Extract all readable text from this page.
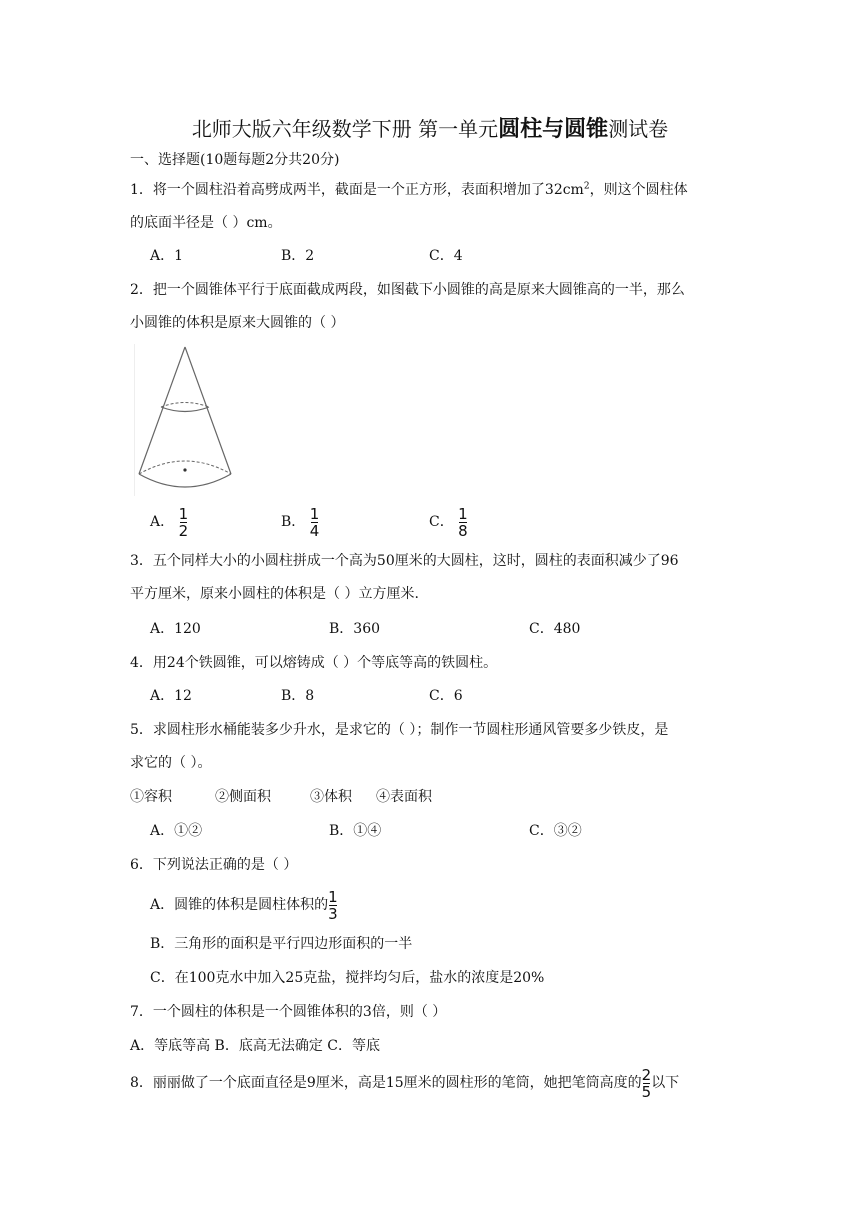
北师大版六年级数学下册 第一单元圆柱与圆锥测试卷
一、选择题(10题每题2分共20分)
1．将一个圆柱沿着高劈成两半，截面是一个正方形，表面积增加了$32cm^2$，则这个圆柱体
的底面半径是（ ）cm。
A．1	B．2	C．4
2．把一个圆锥体平行于底面截成两段，如图截下小圆锥的高是原来大圆锥高的一半，那么
小圆锥的体积是原来大圆锥的（ ）
A． $\frac{1}{2}$	B． $\frac{1}{4}$	C． $\frac{1}{8}$
3．五个同样大小的小圆柱拼成一个高为50厘米的大圆柱，这时，圆柱的表面积减少了96
平方厘米，原来小圆柱的体积是（ ）立方厘米.
A．120	B．360	C．480
4．用24个铁圆锥，可以熔铸成（ ）个等底等高的铁圆柱。
A．12	B．8	C．6
5．求圆柱形水桶能装多少升水，是求它的（ ）；制作一节圆柱形通风管要多少铁皮，是
求它的（ ）。
①容积	②侧面积	③体积 ④表面积
A．①②	B．①④	C．③②
6．下列说法正确的是（ ）
A．圆锥的体积是圆柱体积的 $\frac{1}{3}$
B．三角形的面积是平行四边形面积的一半
C．在100克水中加入25克盐，搅拌均匀后，盐水的浓度是20%
7．一个圆柱的体积是一个圆锥体积的3倍，则（ ）
A．等底等高 B．底高无法确定 C．等底
8．丽丽做了一个底面直径是9厘米，高是15厘米的圆柱形的笔筒，她把笔筒高度的 $\frac{2}{5}$ 以下
